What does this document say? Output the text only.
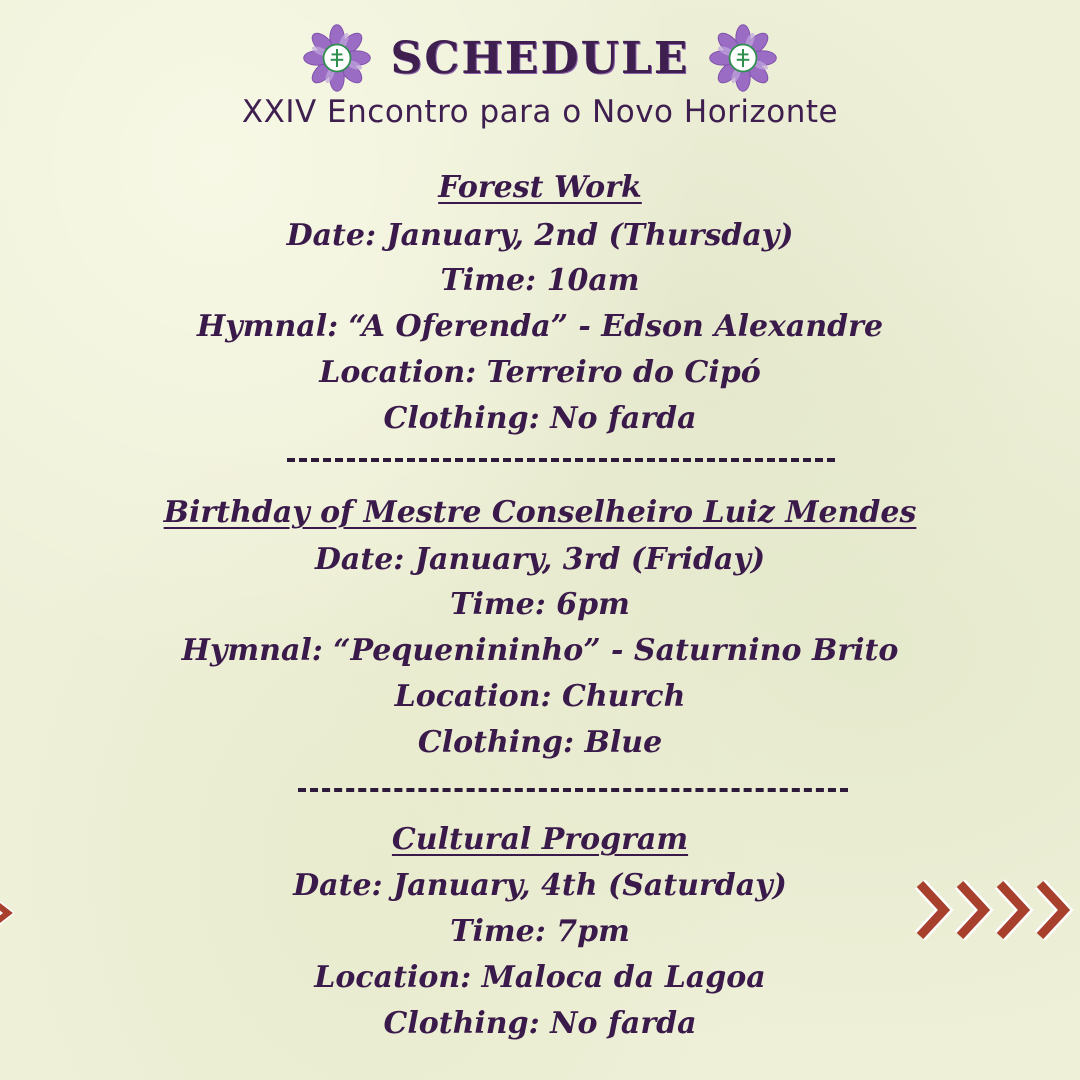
SCHEDULE
XXIV Encontro para o Novo Horizonte
Forest Work
Date: January, 2nd (Thursday)
Time: 10am
Hymnal: “A Oferenda” - Edson Alexandre
Location: Terreiro do Cipó
Clothing: No farda
Birthday of Mestre Conselheiro Luiz Mendes
Date: January, 3rd (Friday)
Time: 6pm
Hymnal: “Pequenininho” - Saturnino Brito
Location: Church
Clothing: Blue
Cultural Program
Date: January, 4th (Saturday)
Time: 7pm
Location: Maloca da Lagoa
Clothing: No farda
